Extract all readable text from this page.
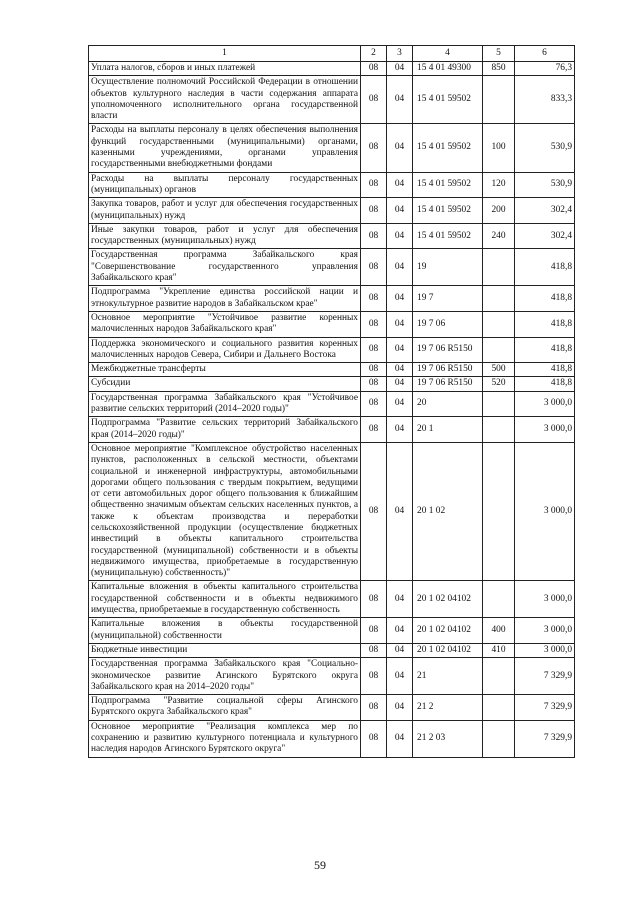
1	2	3	4	5	6
Уплата налогов, сборов и иных платежей	08	04	15 4 01 49300	850	76,3
Осуществление полномочий Российской Федерации в отношении объектов культурного наследия в части содержания аппарата уполномоченного исполнительного органа государственной власти	08	04	15 4 01 59502		833,3
Расходы на выплаты персоналу в целях обеспечения выполнения функций государственными (муниципальными) органами, казенными учреждениями, органами управления государственными внебюджетными фондами	08	04	15 4 01 59502	100	530,9
Расходы на выплаты персоналу государственных (муниципальных) органов	08	04	15 4 01 59502	120	530,9
Закупка товаров, работ и услуг для обеспечения государственных (муниципальных) нужд	08	04	15 4 01 59502	200	302,4
Иные закупки товаров, работ и услуг для обеспечения государственных (муниципальных) нужд	08	04	15 4 01 59502	240	302,4
Государственная программа Забайкальского края "Совершенствование государственного управления Забайкальского края"	08	04	19		418,8
Подпрограмма "Укрепление единства российской нации и этнокультурное развитие народов в Забайкальском крае"	08	04	19 7		418,8
Основное мероприятие "Устойчивое развитие коренных малочисленных народов Забайкальского края"	08	04	19 7 06		418,8
Поддержка экономического и социального развития коренных малочисленных народов Севера, Сибири и Дальнего Востока	08	04	19 7 06 R5150		418,8
Межбюджетные трансферты	08	04	19 7 06 R5150	500	418,8
Субсидии	08	04	19 7 06 R5150	520	418,8
Государственная программа Забайкальского края "Устойчивое развитие сельских территорий (2014–2020 годы)"	08	04	20		3 000,0
Подпрограмма "Развитие сельских территорий Забайкальского края (2014–2020 годы)"	08	04	20 1		3 000,0
Основное мероприятие "Комплексное обустройство населенных пунктов, расположенных в сельской местности, объектами социальной и инженерной инфраструктуры, автомобильными дорогами общего пользования с твердым покрытием, ведущими от сети автомобильных дорог общего пользования к ближайшим общественно значимым объектам сельских населенных пунктов, а также к объектам производства и переработки сельскохозяйственной продукции (осуществление бюджетных инвестиций в объекты капитального строительства государственной (муниципальной) собственности и в объекты недвижимого имущества, приобретаемые в государственную (муниципальную) собственность)"	08	04	20 1 02		3 000,0
Капитальные вложения в объекты капитального строительства государственной собственности и в объекты недвижимого имущества, приобретаемые в государственную собственность	08	04	20 1 02 04102		3 000,0
Капитальные вложения в объекты государственной (муниципальной) собственности	08	04	20 1 02 04102	400	3 000,0
Бюджетные инвестиции	08	04	20 1 02 04102	410	3 000,0
Государственная программа Забайкальского края "Социально-экономическое развитие Агинского Бурятского округа Забайкальского края на 2014–2020 годы"	08	04	21		7 329,9
Подпрограмма "Развитие социальной сферы Агинского Бурятского округа Забайкальского края"	08	04	21 2		7 329,9
Основное мероприятие "Реализация комплекса мер по сохранению и развитию культурного потенциала и культурного наследия народов Агинского Бурятского округа"	08	04	21 2 03		7 329,9
59
